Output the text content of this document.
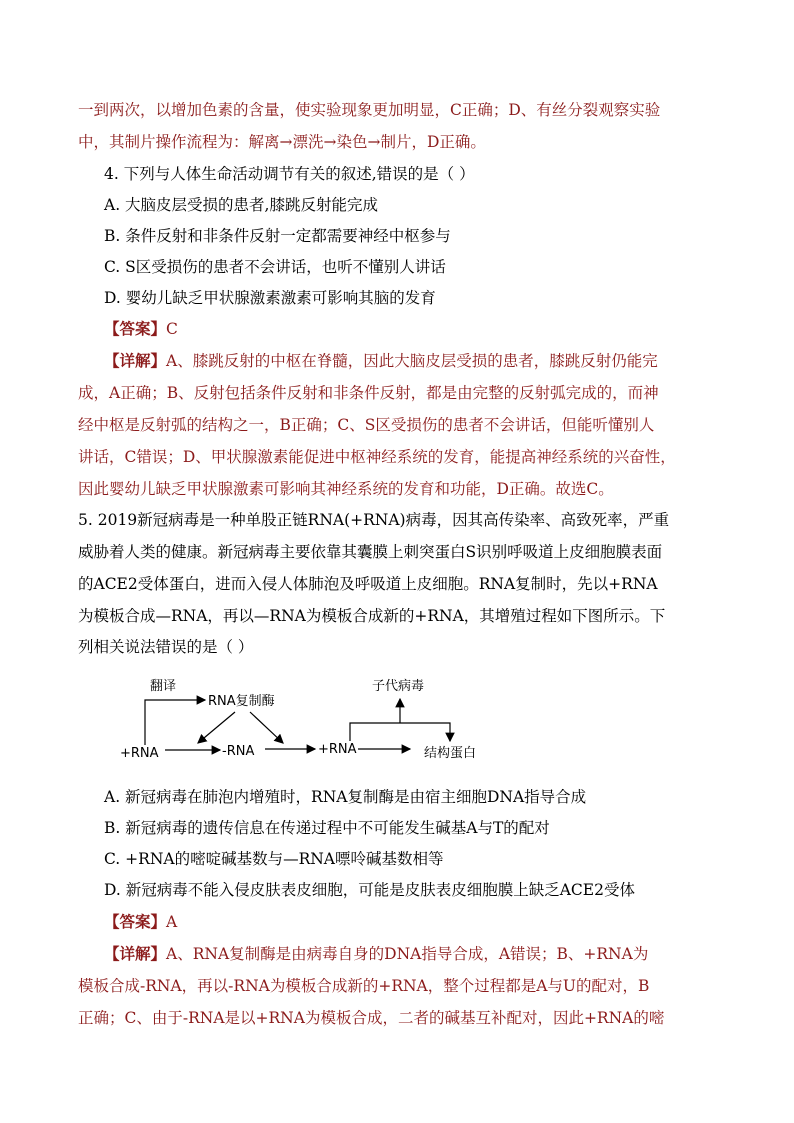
一到两次，以增加色素的含量，使实验现象更加明显，C正确；D、有丝分裂观察实验
中，其制片操作流程为：解离→漂洗→染色→制片，D正确。
4. 下列与人体生命活动调节有关的叙述,错误的是（ ）
A. 大脑皮层受损的患者,膝跳反射能完成
B. 条件反射和非条件反射一定都需要神经中枢参与
C. S区受损伤的患者不会讲话，也听不懂别人讲话
D. 婴幼儿缺乏甲状腺激素激素可影响其脑的发育
【答案】C
【详解】A、膝跳反射的中枢在脊髓，因此大脑皮层受损的患者，膝跳反射仍能完
成，A正确；B、反射包括条件反射和非条件反射，都是由完整的反射弧完成的，而神
经中枢是反射弧的结构之一，B正确；C、S区受损伤的患者不会讲话，但能听懂别人
讲话，C错误；D、甲状腺激素能促进中枢神经系统的发育，能提高神经系统的兴奋性，
因此婴幼儿缺乏甲状腺激素可影响其神经系统的发育和功能，D正确。故选C。
5. 2019新冠病毒是一种单股正链RNA(+RNA)病毒，因其高传染率、高致死率，严重
威胁着人类的健康。新冠病毒主要依靠其囊膜上刺突蛋白S识别呼吸道上皮细胞膜表面
的ACE2受体蛋白，进而入侵人体肺泡及呼吸道上皮细胞。RNA复制时，先以+RNA
为模板合成—RNA，再以—RNA为模板合成新的+RNA，其增殖过程如下图所示。下
列相关说法错误的是（ ）
翻译
RNA复制酶
+RNA	-RNA	+RNA
子代病毒
结构蛋白
A. 新冠病毒在肺泡内增殖时，RNA复制酶是由宿主细胞DNA指导合成
B. 新冠病毒的遗传信息在传递过程中不可能发生碱基A与T的配对
C. +RNA的嘧啶碱基数与—RNA嘌呤碱基数相等
D. 新冠病毒不能入侵皮肤表皮细胞，可能是皮肤表皮细胞膜上缺乏ACE2受体
【答案】A
【详解】A、RNA复制酶是由病毒自身的DNA指导合成，A错误；B、+RNA为
模板合成-RNA，再以-RNA为模板合成新的+RNA，整个过程都是A与U的配对，B
正确；C、由于-RNA是以+RNA为模板合成，二者的碱基互补配对，因此+RNA的嘧
